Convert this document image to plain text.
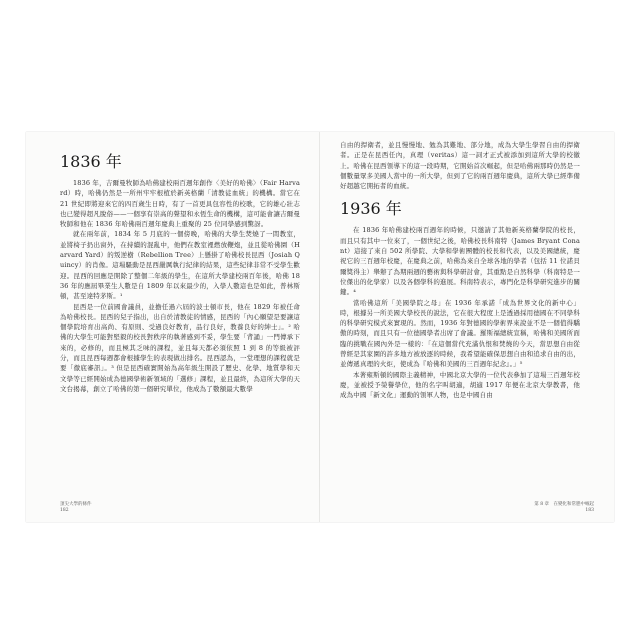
1836 年

1836 年，吉爾曼牧師為哈佛建校兩百週年創作〈美好的哈佛〉（Fair Harvard）時，哈佛仍然是一所州牢牢根植於新英格蘭「清教徒血統」的機構。當它在 21 世紀即將迎來它的四百歲生日時，有了一首更具包容性的校歌，它的雄心壯志也已變得超凡脫俗——一個享有崇高的聲望和永恆生命的機構，這可能會讓吉爾曼牧師和他在 1836 年哈佛兩百週年慶典上重聚的 25 位同學感到驚訝。

就在兩年前，1834 年 5 月底的一個傍晚，哈佛的大學生焚燒了一間教室，並將椅子扔出窗外，在持續的混亂中，他們在教室裡燃放鞭炮，並且從哈佛園（Harvard Yard）的叛逆樹（Rebellion Tree）上懸掛了哈佛校長昆西（Josiah Quincy）的肖像。這場騷動是昆西嚴厲執行紀律的結果，這些紀律非常不受學生歡迎。昆西的回應是開除了整個二年級的學生，在這所大學建校兩百年後，哈佛 1836 年的應屆畢業生人數是自 1809 年以來最少的，入學人數這也是如此，普林斯頓，甚至達特茅斯。¹

昆西是一位前國會議員，並擔任過六屆的波士頓市長，他在 1829 年被任命為哈佛校長。昆西的兒子指出，出自於清教徒的情感，昆西的「內心願望是要讓這個學院培育出高尚、有原則、受過良好教育，品行良好，教養良好的紳士」。² 哈佛的大學生可能對堅毅的校長對秩序的執著感到不妥，學生要「背誦」一門傳承下來的，必修的，而且極其乏味的課程，並且每天都必須依照 1 到 8 的等級被評分，而且昆西每週都會根據學生的表現做出排名。昆西認為，一堂理想的課程就是要「徹底審訊」。³ 但是昆西確實開始為高年級生開設了歷史、化學、地質學和天文學等已經開始成為德國學術新領域的「選修」課程，並且最終，為這所大學的天文台揭幕，創立了哈佛的第一個研究單位，他成為了數額最大數學

頂尖大學的條件
182

自由的捍衛者，並且慢慢地、勉為其難地、部分地，成為大學生學習自由的捍衛者。正是在昆西任內，真理（veritas）這一詞才正式被添加到這所大學的校徽上。哈佛在昆西領導下的這一段時期，它開始首次崛起，但是哈佛兩那時仍然是一個數量眾多美國人當中的一所大學，但到了它的兩百週年慶典，這所大學已經準備好超越它開拓者的血統。

1936 年

在 1836 年哈佛建校兩百週年的時候，只邀請了其他新英格蘭學院的校長，而且只有其中一位來了，一個世紀之後，哈佛校長科南特（James Bryant Conant）這接了來自 502 所學院、大學和學術團體的校長和代表，以及美國總統，慶祝它的三百週年校慶，在慶典之前，哈佛為來自全球各地的學者（包括 11 位諾貝爾獎得主）舉辦了為期兩週的藝術與科學研討會，其重點是自然科學（科南特是一位傑出的化學家）以及各個學科的進展。科南特表示，專門化是科學研究進步的關鍵。⁴

當哈佛這所「美國學院之母」在 1936 年承諾「成為世界文化的新中心」時，根據另一所美國大學校長的說法，它在很大程度上是透過採用德國在不同學科的科學研究模式來實現的。然而，1936 年對德國的學術界來說並不是一個值得驕傲的時刻，而且只有一位德國學者出席了會議。羅斯福總統宣稱，哈佛和美國所面臨的挑戰在國內外是一樣的：「在這個當代充滿仇恨和焚燒的今天，當思想自由從曾經是其家園的許多地方被放逐的時候，我希望能確保思想自由和追求自由的出，並傳遞真理的火炬，使成為『哈佛和美國的三百週年紀念』。」⁵

本著雍斯頓的國際主義精神，中國北京大學的一位代表參加了這場三百週年校慶，並被授予榮譽學位，他的名字叫胡適，胡適 1917 年便在北京大學教書，他成為中國「新文化」運動的領軍人物，也是中國自由

第 8 章　在變化和常態中崛起
183
